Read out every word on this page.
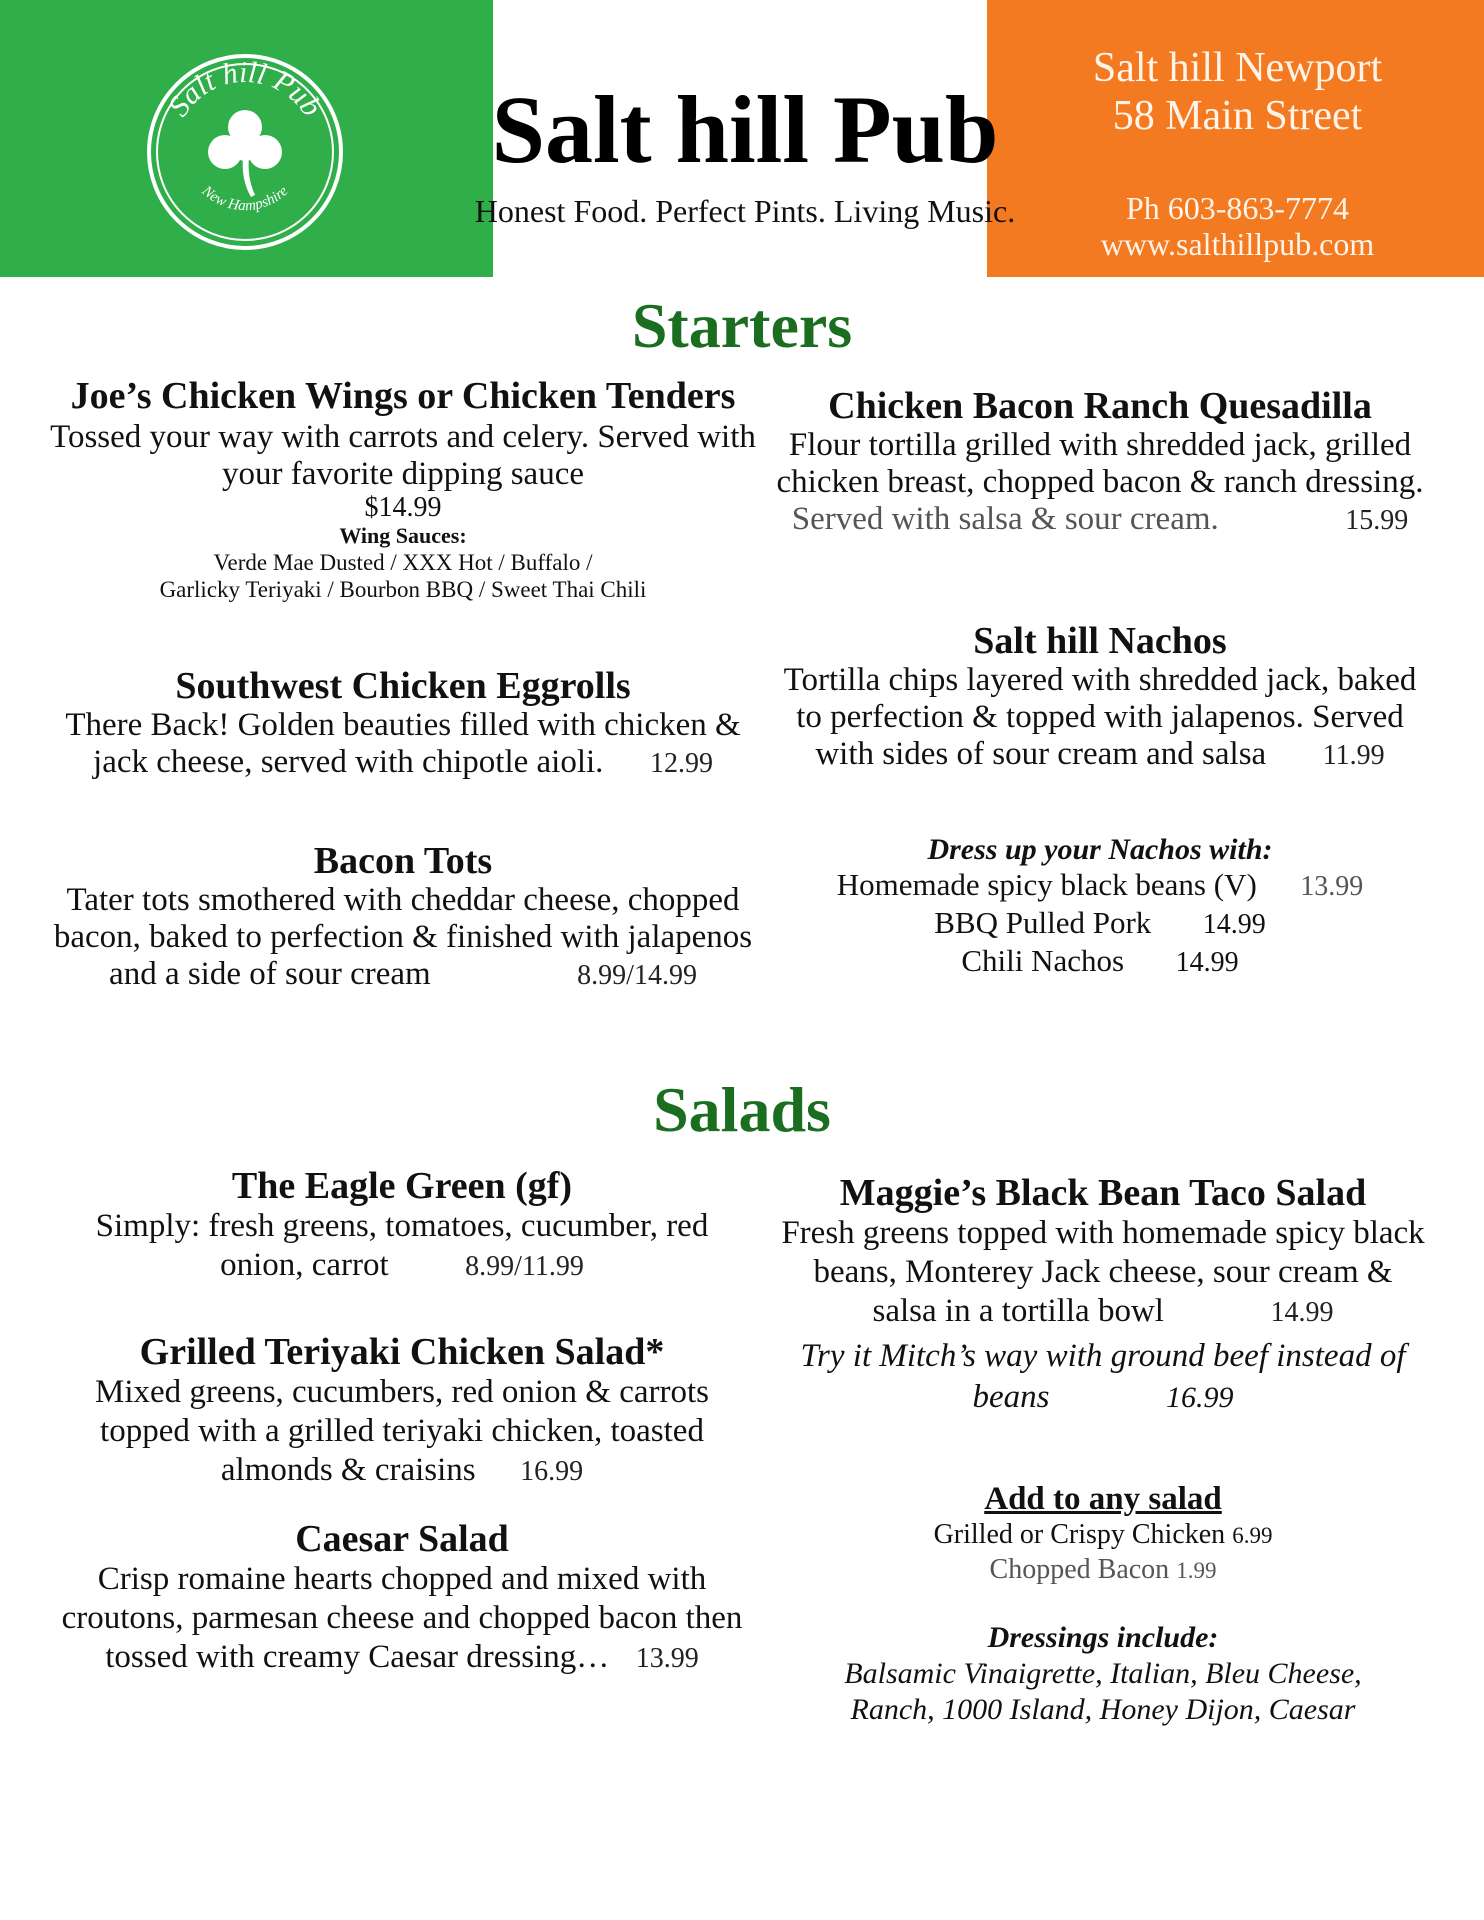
Salt hill Pub
New Hampshire
Salt hill Pub
Honest Food. Perfect Pints. Living Music.
Salt hill Newport
58 Main Street
Ph 603-863-7774
www.salthillpub.com
Starters
Joe’s Chicken Wings or Chicken Tenders
Tossed your way with carrots and celery. Served with your favorite dipping sauce
$14.99
Wing Sauces:
Verde Mae Dusted / XXX Hot / Buffalo /
Garlicky Teriyaki / Bourbon BBQ / Sweet Thai Chili
Southwest Chicken Eggrolls
There Back! Golden beauties filled with chicken & jack cheese, served with chipotle aioli. 12.99
Bacon Tots
Tater tots smothered with cheddar cheese, chopped bacon, baked to perfection & finished with jalapenos and a side of sour cream	8.99/14.99
Chicken Bacon Ranch Quesadilla
Flour tortilla grilled with shredded jack, grilled chicken breast, chopped bacon & ranch dressing. Served with salsa & sour cream.	15.99
Salt hill Nachos
Tortilla chips layered with shredded jack, baked to perfection & topped with jalapenos. Served with sides of sour cream and salsa 11.99
Dress up your Nachos with:
Homemade spicy black beans (V) 13.99
BBQ Pulled Pork 14.99
Chili Nachos 14.99
Salads
The Eagle Green (gf)
Simply: fresh greens, tomatoes, cucumber, red onion, carrot	8.99/11.99
Grilled Teriyaki Chicken Salad*
Mixed greens, cucumbers, red onion & carrots topped with a grilled teriyaki chicken, toasted almonds & craisins 16.99
Caesar Salad
Crisp romaine hearts chopped and mixed with croutons, parmesan cheese and chopped bacon then tossed with creamy Caesar dressing… 13.99
Maggie’s Black Bean Taco Salad
Fresh greens topped with homemade spicy black beans, Monterey Jack cheese, sour cream & salsa in a tortilla bowl	14.99
Try it Mitch’s way with ground beef instead of beans	16.99
Add to any salad
Grilled or Crispy Chicken 6.99
Chopped Bacon 1.99
Dressings include:
Balsamic Vinaigrette, Italian, Bleu Cheese,
Ranch, 1000 Island, Honey Dijon, Caesar
